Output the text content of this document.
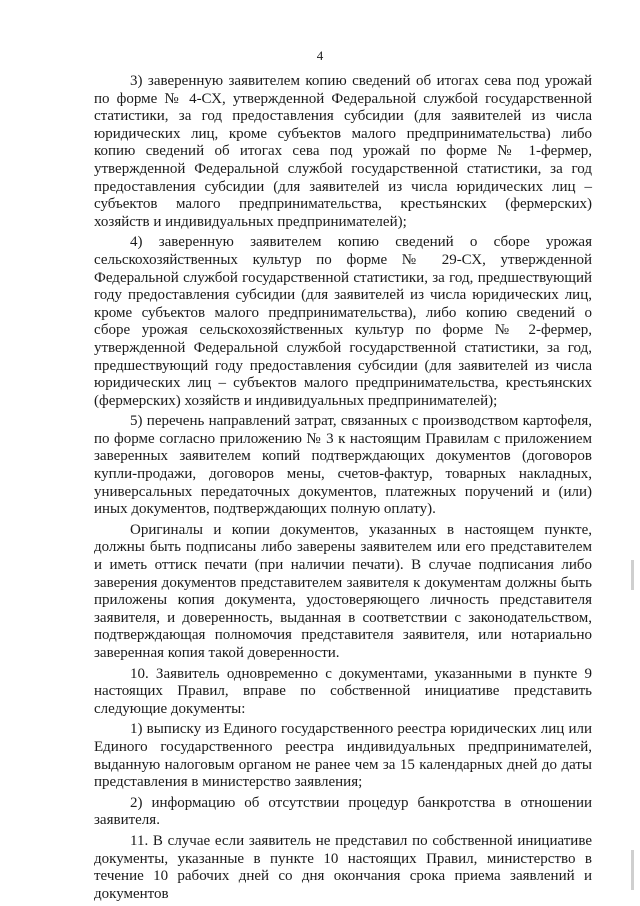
4

3) заверенную заявителем копию сведений об итогах сева под урожай по форме № 4-СХ, утвержденной Федеральной службой государственной статистики, за год предоставления субсидии (для заявителей из числа юридических лиц, кроме субъектов малого предпринимательства) либо копию сведений об итогах сева под урожай по форме № 1-фермер, утвержденной Федеральной службой государственной статистики, за год предоставления субсидии (для заявителей из числа юридических лиц – субъектов малого предпринимательства, крестьянских (фермерских) хозяйств и индивидуальных предпринимателей);

4) заверенную заявителем копию сведений о сборе урожая сельскохозяйственных культур по форме № 29-СХ, утвержденной Федеральной службой государственной статистики, за год, предшествующий году предоставления субсидии (для заявителей из числа юридических лиц, кроме субъектов малого предпринимательства), либо копию сведений о сборе урожая сельскохозяйственных культур по форме № 2-фермер, утвержденной Федеральной службой государственной статистики, за год, предшествующий году предоставления субсидии (для заявителей из числа юридических лиц – субъектов малого предпринимательства, крестьянских (фермерских) хозяйств и индивидуальных предпринимателей);

5) перечень направлений затрат, связанных с производством картофеля, по форме согласно приложению № 3 к настоящим Правилам с приложением заверенных заявителем копий подтверждающих документов (договоров купли-продажи, договоров мены, счетов-фактур, товарных накладных, универсальных передаточных документов, платежных поручений и (или) иных документов, подтверждающих полную оплату).

Оригиналы и копии документов, указанных в настоящем пункте, должны быть подписаны либо заверены заявителем или его представителем и иметь оттиск печати (при наличии печати). В случае подписания либо заверения документов представителем заявителя к документам должны быть приложены копия документа, удостоверяющего личность представителя заявителя, и доверенность, выданная в соответствии с законодательством, подтверждающая полномочия представителя заявителя, или нотариально заверенная копия такой доверенности.

10. Заявитель одновременно с документами, указанными в пункте 9 настоящих Правил, вправе по собственной инициативе представить следующие документы:

1) выписку из Единого государственного реестра юридических лиц или Единого государственного реестра индивидуальных предпринимателей, выданную налоговым органом не ранее чем за 15 календарных дней до даты представления в министерство заявления;

2) информацию об отсутствии процедур банкротства в отношении заявителя.

11. В случае если заявитель не представил по собственной инициативе документы, указанные в пункте 10 настоящих Правил, министерство в течение 10 рабочих дней со дня окончания срока приема заявлений и документов
